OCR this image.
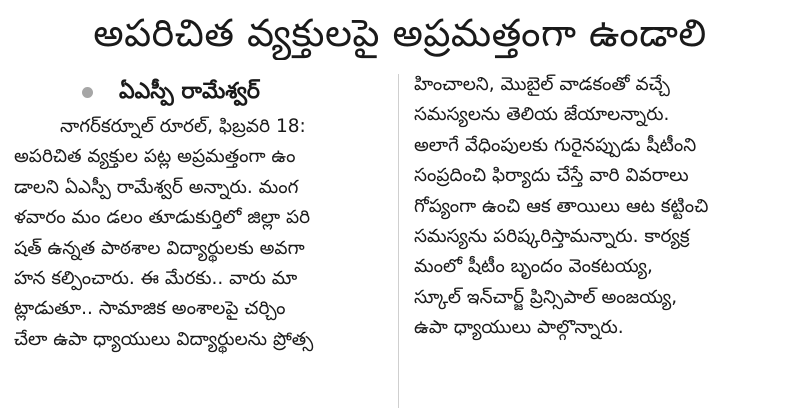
అపరిచిత వ్యక్తులపై అప్రమత్తంగా ఉండాలి
ఏఎస్పీ రామేశ్వర్
నాగర్‌కర్నూల్ రూరల్, ఫిబ్రవరి 18:
అపరిచిత వ్యక్తుల పట్ల అప్రమత్తంగా ఉం
డాలని ఏఎస్పీ రామేశ్వర్ అన్నారు. మంగ
ళవారం మం డలం తూడుకుర్తిలో జిల్లా పరి
షత్ ఉన్నత పాఠశాల విద్యార్థులకు అవగా
హన కల్పించారు. ఈ మేరకు.. వారు మా
ట్లాడుతూ.. సామాజిక అంశాలపై చర్చిం
చేలా ఉపా ధ్యాయులు విద్యార్థులను ప్రోత్స
హించాలని, మొబైల్ వాడకంతో వచ్చే
సమస్యలను తెలియ జేయాలన్నారు.
అలాగే వేధింపులకు గురైనప్పుడు షీటీంని
సంప్రదించి ఫిర్యాదు చేస్తే వారి వివరాలు
గోప్యంగా ఉంచి ఆక తాయిలు ఆట కట్టించి
సమస్యను పరిష్కరిస్తామన్నారు. కార్యక్ర
మంలో షీటీం బృందం వెంకటయ్య,
స్కూల్ ఇన్‌చార్జ్ ప్రిన్సిపాల్ అంజయ్య,
ఉపా ధ్యాయులు పాల్గొన్నారు.
